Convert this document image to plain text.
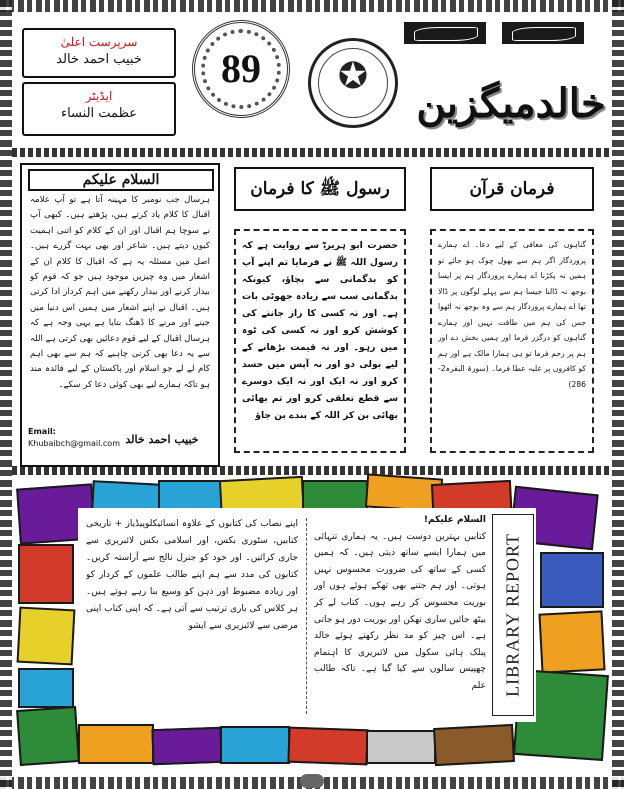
سرپرست اعلیٰ
خبیب احمد خالد
ایڈیٹر
عظمت النساء
89	✪
خالدمیگزین
السلام علیکم
ہرسال جب نومبر کا مہینہ آتا ہے تو آپ علامہ اقبال کا کلام یاد کرتے ہیں، پڑھتے ہیں۔ کبھی آپ نے سوچا ہم اقبال اور ان کے کلام کو اتنی اہمیت کیوں دیتے ہیں۔ شاعر اور بھی بہت گزرے ہیں۔ اصل میں مسئلہ یہ ہے کہ اقبال کا کلام ان کے اشعار میں وہ چیزیں موجود ہیں جو کہ قوم کو بیدار کرنے اور بیدار رکھنے میں اہم کردار ادا کرتی ہیں۔ اقبال نے اپنے اشعار میں ہمیں اس دنیا میں جینے اور مرنے کا ڈھنگ بتایا ہے یہی وجہ ہے کہ ہرسال اقبال کے لیے قوم دعائیں بھی کرتی ہے اللہ سے یہ دعا بھی کرنی چاہیے کہ ہم سے بھی اہم کام لے لے جو اسلام اور پاکستان کے لیے فائدہ مند ہو تاکہ ہمارے لیے بھی کوئی دعا کر سکے۔
Email:
Khubaibch@gmail.com خبیب احمد خالد
رسول ﷺ کا فرمان	فرمان قرآن
حضرت ابو ہریرہؓ سے روایت ہے کہ رسول اللہ ﷺ نے فرمایا تم اپنے آپ کو بدگمانی سے بچاؤ، کیونکہ بدگمانی سب سے زیادہ جھوٹی بات ہے۔ اور نہ کسی کا راز جاننے کی کوشش کرو اور نہ کسی کی ٹوہ میں رہو۔ اور نہ قیمت بڑھانے کے لیے بولی دو اور نہ آپس میں حسد کرو اور نہ ایک اور نہ ایک دوسرے سے قطع تعلقی کرو اور تم بھائی بھائی بن کر اللہ کے بندے بن جاؤ
گناہوں کی معافی کے لیے دعا۔ اے ہمارے پروردگار اگر ہم سے بھول چوک ہو جائے تو ہمیں نہ پکڑنا اے ہمارے پروردگار ہم پر ایسا بوجھ نہ ڈالنا جیسا ہم سے پہلے لوگوں پر ڈالا تھا اے ہمارے پروردگار ہم سے وہ بوجھ نہ اٹھوا جس کی ہم میں طاقت نہیں اور ہمارے گناہوں کو درگزر فرما اور ہمیں بخش دے اور ہم پر رحم فرما تو ہی ہمارا مالک ہے اور ہم کو کافروں پر غلبہ عطا فرما۔ (سورۃ البقرہ2-286)
اپنے نصاب کی کتابوں کے علاوہ انسائیکلوپیڈیاز + تاریخی کتابیں، سٹوری بکس، اور اسلامی بکس لائبریری سے جاری کرائیں۔ اور خود کو جنرل نالج سے آراستہ کریں۔ کتابوں کی مدد سے ہم اپنے طالب علموں کے کردار کو اور زیادہ مضبوط اور ذہن کو وسیع بنا رہے ہوتے ہیں۔ ہر کلاس کی باری ترتیب سے آتی ہے۔ کہ اپنی کتاب اپنی مرضی سے لائبریری سے ایشو
السلام علیکم!
کتابیں بہترین دوست ہیں۔ یہ ہماری تنہائی میں ہمارا ایسے ساتھ دیتی ہیں۔ کہ ہمیں کسی کے ساتھ کی ضرورت محسوس نہیں ہوتی۔ اور ہم جتنے بھی تھکے ہوئے ہوں اور بوریت محسوس کر رہے ہوں۔ کتاب لے کر بیٹھ جائیں ساری تھکن اور بوریت دور ہو جاتی ہے۔ اس چیز کو مد نظر رکھتے ہوئے خالد پبلک ہائی سکول میں لائبریری کا اہتمام چھپیس سالوں سے کیا گیا ہے۔ تاکہ طالب علم LIBRARY REPORT
